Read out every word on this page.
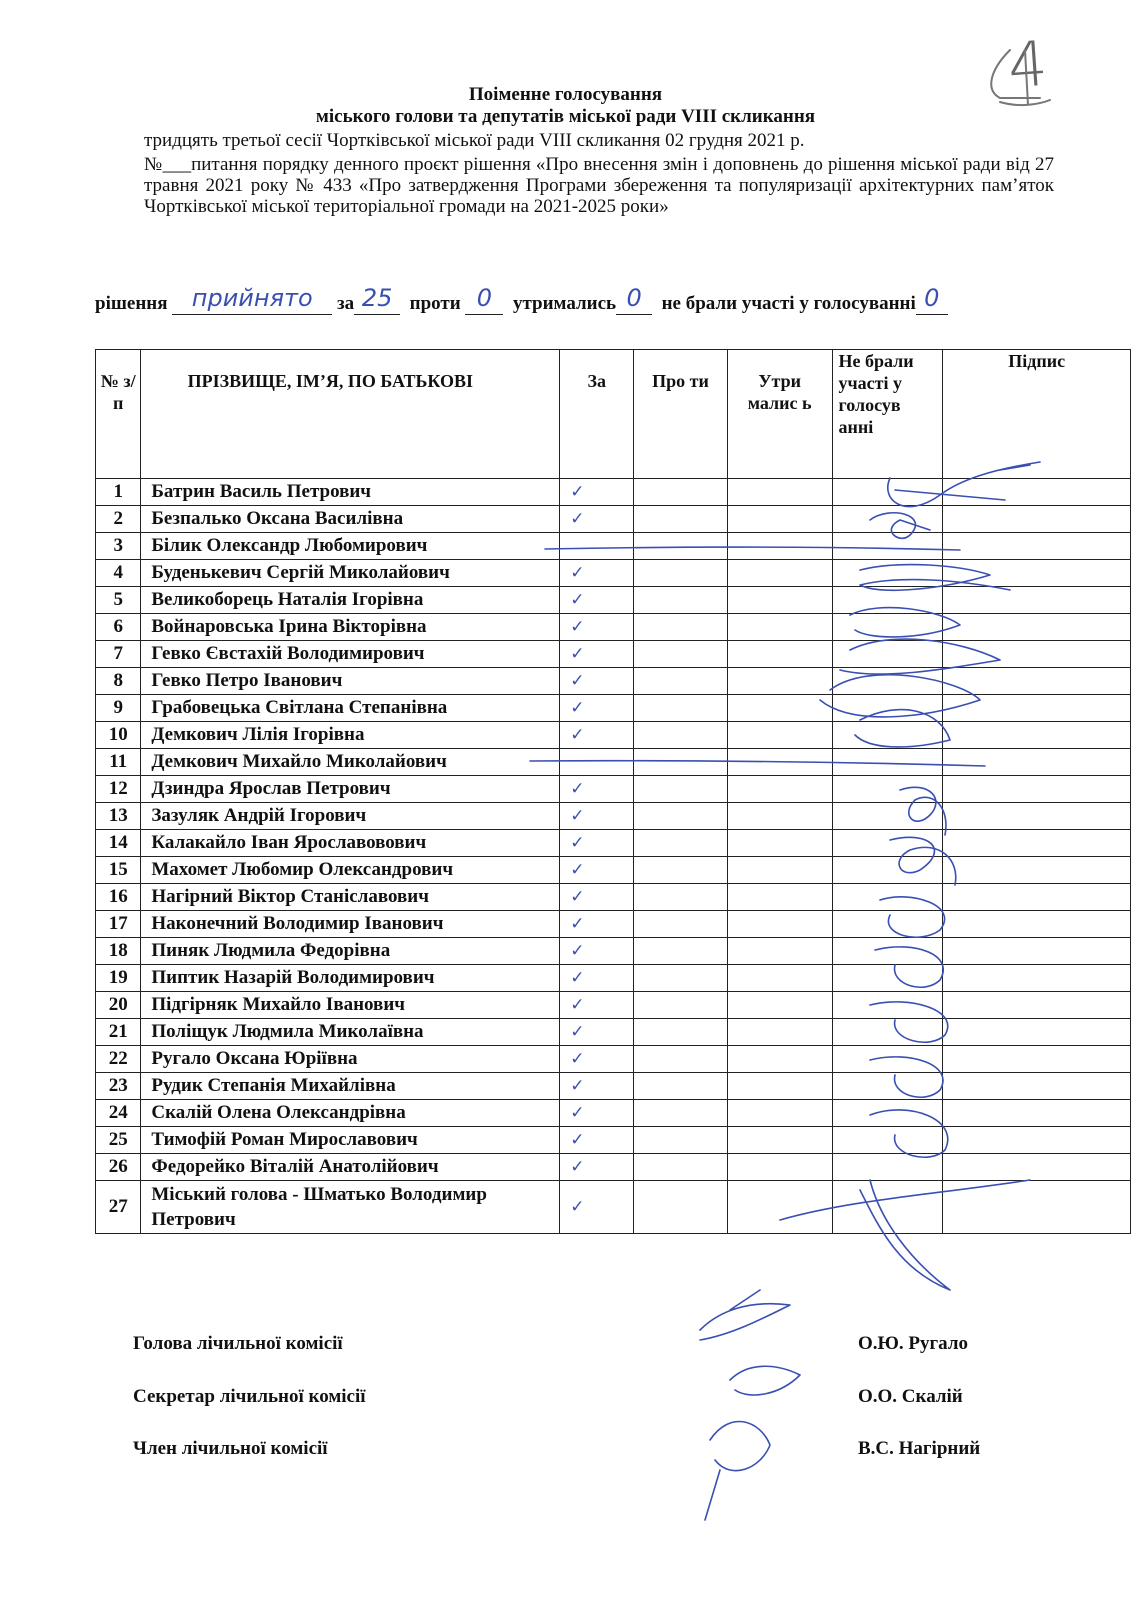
4
Поіменне голосування
міського голови та депутатів міської ради VIII скликання
тридцять третьої сесії Чортківської міської ради VIII скликання 02 грудня 2021 р.
№___питання порядку денного проєкт рішення «Про внесення змін і доповнень до рішення міської ради від 27 травня 2021 року № 433 «Про затвердження Програми збереження та популяризації архітектурних пам’яток Чортківської міської територіальної громади на 2021-2025 роки»
рішення	прийнято	за 25 проти 0	утримались 0	не брали участі у голосуванні 0
№ з/п	ПРІЗВИЩЕ, ІМ’Я, ПО БАТЬКОВІ	За	Про ти	Утри малис ь	Не брали участі у голосув анні	Підпис
1	Батрин Василь Петрович	✓				
2	Безпалько Оксана Василівна	✓				
3	Білик Олександр Любомирович					
4	Буденькевич Сергій Миколайович	✓				
5	Великоборець Наталія Ігорівна	✓				
6	Войнаровська Ірина Вікторівна	✓				
7	Гевко Євстахій Володимирович	✓				
8	Гевко Петро Іванович	✓				
9	Грабовецька Світлана Степанівна	✓				
10	Демкович Лілія Ігорівна	✓				
11	Демкович Михайло Миколайович					
12	Дзиндра Ярослав Петрович	✓				
13	Зазуляк Андрій Ігорович	✓				
14	Калакайло Іван Ярославовович	✓				
15	Махомет Любомир Олександрович	✓				
16	Нагірний Віктор Станіславович	✓				
17	Наконечний Володимир Іванович	✓				
18	Пиняк Людмила Федорівна	✓				
19	Пиптик Назарій Володимирович	✓				
20	Підгірняк Михайло Іванович	✓				
21	Поліщук Людмила Миколаївна	✓				
22	Ругало Оксана Юріївна	✓				
23	Рудик Степанія Михайлівна	✓				
24	Скалій Олена Олександрівна	✓				
25	Тимофій Роман Мирославович	✓				
26	Федорейко Віталій Анатолійович	✓				
27	Міський голова - Шматько Володимир Петрович	✓				
Голова лічильної комісії	О.Ю. Ругало
Секретар лічильної комісії	О.О. Скалій
Член лічильної комісії	В.С. Нагірний
